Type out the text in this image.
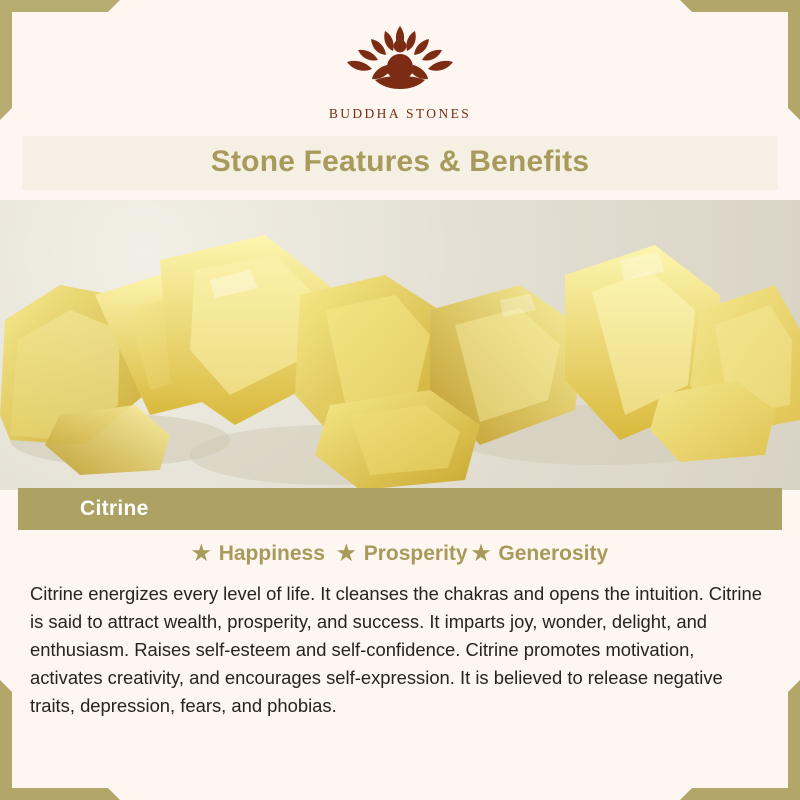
BUDDHA STONES
Stone Features & Benefits
Citrine
★ Happiness ★ Prosperity ★ Generosity

Citrine energizes every level of life. It cleanses the chakras and opens the intuition. Citrine is said to attract wealth, prosperity, and success. It imparts joy, wonder, delight, and enthusiasm. Raises self-esteem and self-confidence. Citrine promotes motivation, activates creativity, and encourages self-expression. It is believed to release negative traits, depression, fears, and phobias.
